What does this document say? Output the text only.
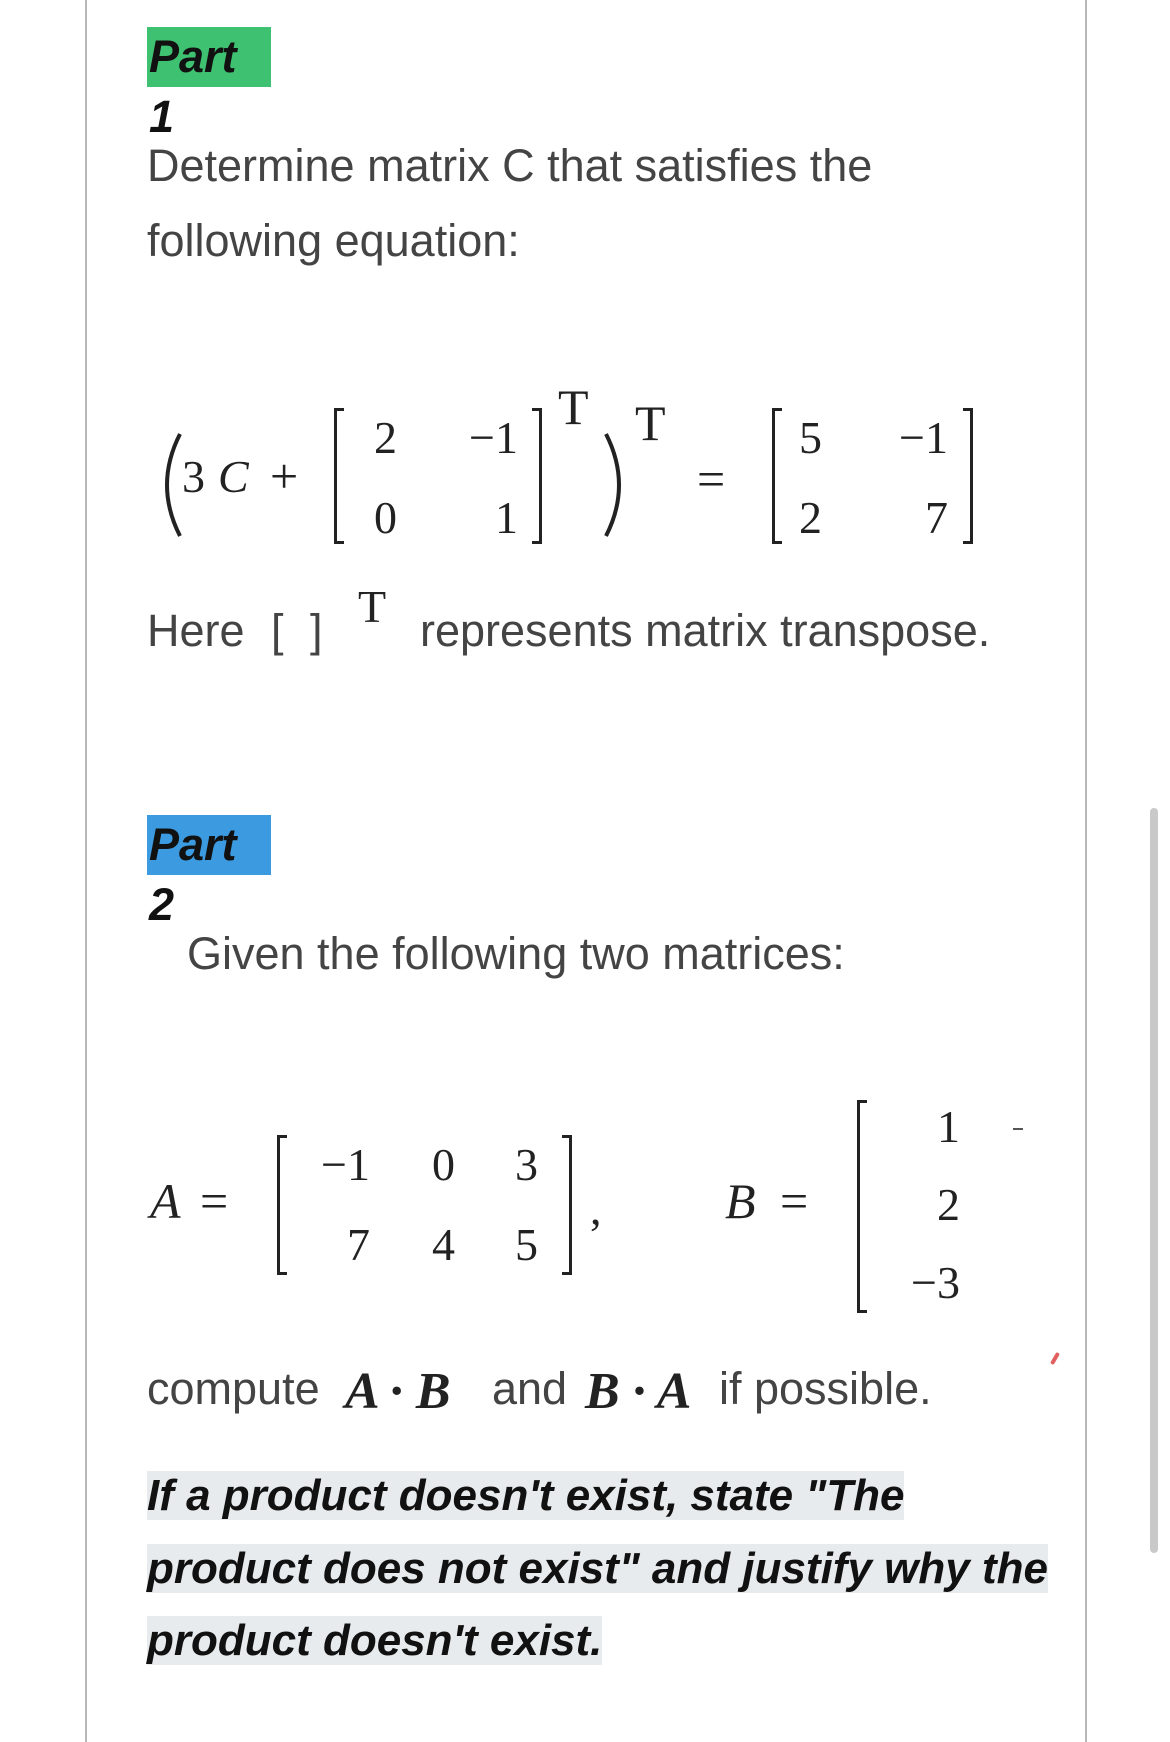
Part 1
Determine matrix C that satisfies the
following equation:
3 C +
2 −1
0	1
T T
=
5 −1
2	7
Here [ ] T represents matrix transpose.
Part 2
Given the following two matrices:
A =
−1	0	3
7	4	5
, B =
1
2
−3
compute A · B and B · A if possible.
If a product doesn't exist, state "The
product does not exist" and justify why the
product doesn't exist.
